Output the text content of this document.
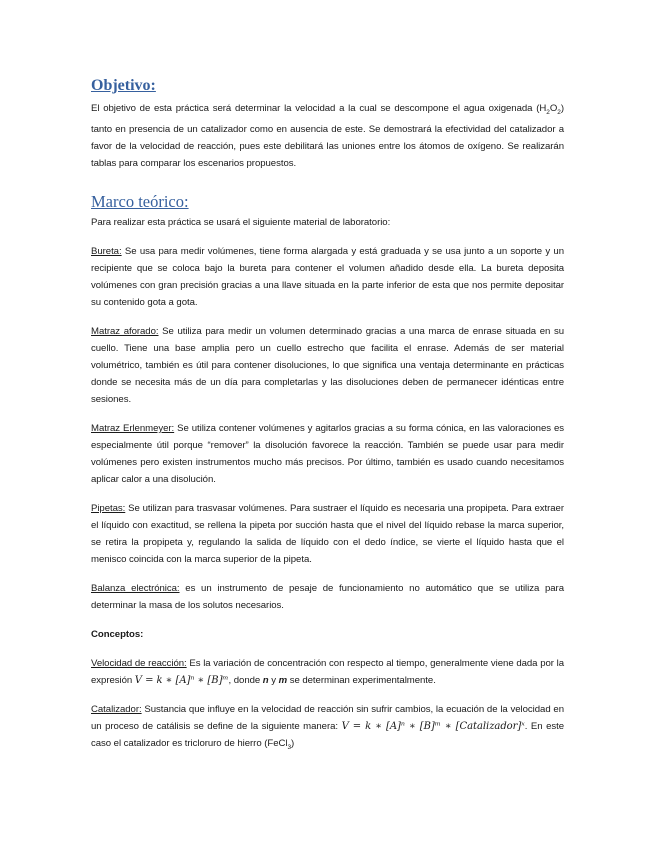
Objetivo:

El objetivo de esta práctica será determinar la velocidad a la cual se descompone el agua oxigenada $(H_2O_2)$ tanto en presencia de un catalizador como en ausencia de este. Se demostrará la efectividad del catalizador a favor de la velocidad de reacción, pues este debilitará las uniones entre los átomos de oxígeno. Se realizarán tablas para comparar los escenarios propuestos.

Marco teórico:

Para realizar esta práctica se usará el siguiente material de laboratorio:

Bureta: Se usa para medir volúmenes, tiene forma alargada y está graduada y se usa junto a un soporte y un recipiente que se coloca bajo la bureta para contener el volumen añadido desde ella. La bureta deposita volúmenes con gran precisión gracias a una llave situada en la parte inferior de esta que nos permite depositar su contenido gota a gota.

Matraz aforado: Se utiliza para medir un volumen determinado gracias a una marca de enrase situada en su cuello. Tiene una base amplia pero un cuello estrecho que facilita el enrase. Además de ser material volumétrico, también es útil para contener disoluciones, lo que significa una ventaja determinante en prácticas donde se necesita más de un día para completarlas y las disoluciones deben de permanecer idénticas entre sesiones.

Matraz Erlenmeyer: Se utiliza contener volúmenes y agitarlos gracias a su forma cónica, en las valoraciones es especialmente útil porque “remover” la disolución favorece la reacción. También se puede usar para medir volúmenes pero existen instrumentos mucho más precisos. Por último, también es usado cuando necesitamos aplicar calor a una disolución.

Pipetas: Se utilizan para trasvasar volúmenes. Para sustraer el líquido es necesaria una propipeta. Para extraer el líquido con exactitud, se rellena la pipeta por succión hasta que el nivel del líquido rebase la marca superior, se retira la propipeta y, regulando la salida de líquido con el dedo índice, se vierte el líquido hasta que el menisco coincida con la marca superior de la pipeta.

Balanza electrónica: es un instrumento de pesaje de funcionamiento no automático que se utiliza para determinar la masa de los solutos necesarios.

Conceptos:

Velocidad de reacción: Es la variación de concentración con respecto al tiempo, generalmente viene dada por la expresión V = k ∗ [A]ⁿ ∗ [B]ᵐ, donde n y m se determinan experimentalmente.

Catalizador: Sustancia que influye en la velocidad de reacción sin sufrir cambios, la ecuación de la velocidad en un proceso de catálisis se define de la siguiente manera: V = k ∗ [A]ⁿ ∗ [B]ᵐ ∗ [Catalizador]ˣ. En este caso el catalizador es tricloruro de hierro (FeCl$_3$)
